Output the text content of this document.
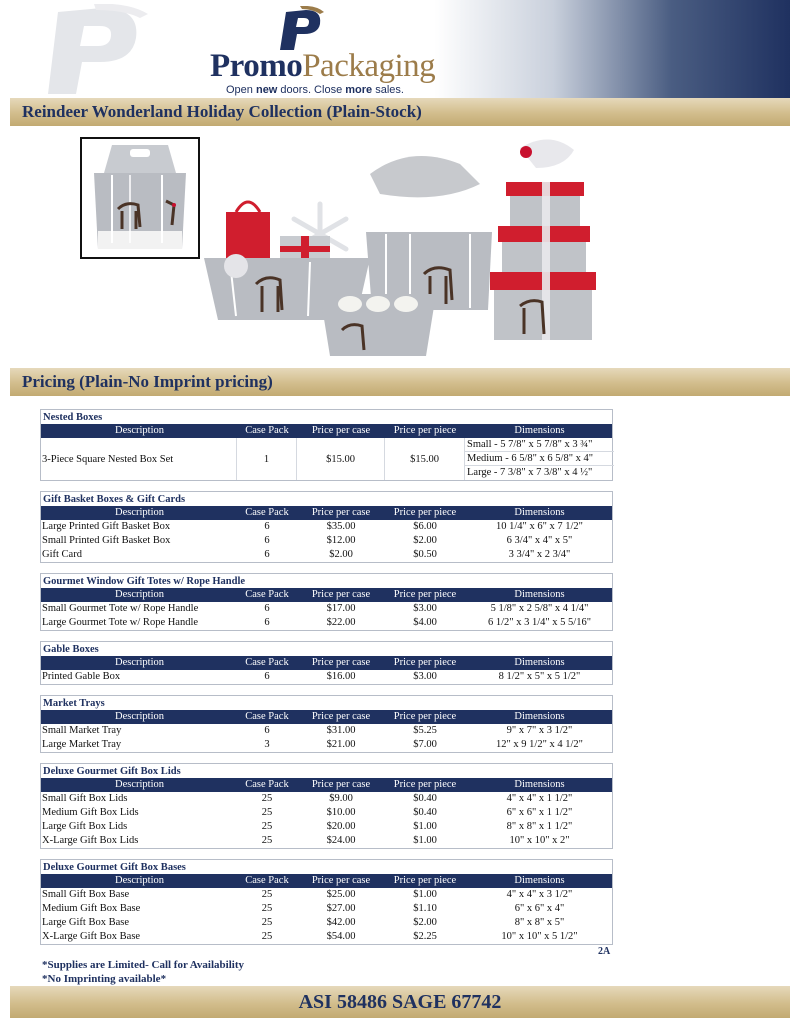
PromoPackaging
Open new doors. Close more sales.
Reindeer Wonderland Holiday Collection (Plain-Stock)
Pricing (Plain-No Imprint pricing)
Nested Boxes
Description	Case Pack	Price per case	Price per piece	Dimensions
3-Piece Square Nested Box Set	1	$15.00	$15.00
Small - 5 7/8" x 5 7/8" x 3 ¾"
Medium - 6 5/8" x 6 5/8" x 4"
Large - 7 3/8" x 7 3/8" x 4 ½"
Gift Basket Boxes & Gift Cards
Description	Case Pack	Price per case	Price per piece	Dimensions
Large Printed Gift Basket Box	6	$35.00	$6.00	10 1/4" x 6" x 7 1/2"
Small Printed Gift Basket Box	6	$12.00	$2.00	6 3/4" x 4" x 5"
Gift Card	6	$2.00	$0.50	3 3/4" x 2 3/4"
Gourmet Window Gift Totes w/ Rope Handle
Description	Case Pack	Price per case	Price per piece	Dimensions
Small Gourmet Tote w/ Rope Handle	6	$17.00	$3.00	5 1/8" x 2 5/8" x 4 1/4"
Large Gourmet Tote w/ Rope Handle	6	$22.00	$4.00	6 1/2" x 3 1/4" x 5 5/16"
Gable Boxes
Description	Case Pack	Price per case	Price per piece	Dimensions
Printed Gable Box	6	$16.00	$3.00	8 1/2" x 5" x 5 1/2"
Market Trays
Description	Case Pack	Price per case	Price per piece	Dimensions
Small Market Tray	6	$31.00	$5.25	9" x 7" x 3 1/2"
Large Market Tray	3	$21.00	$7.00	12" x 9 1/2" x 4 1/2"
Deluxe Gourmet Gift Box Lids
Description	Case Pack	Price per case	Price per piece	Dimensions
Small Gift Box Lids	25	$9.00	$0.40	4" x 4" x 1 1/2"
Medium Gift Box Lids	25	$10.00	$0.40	6" x 6" x 1 1/2"
Large Gift Box Lids	25	$20.00	$1.00	8" x 8" x 1 1/2"
X-Large Gift Box Lids	25	$24.00	$1.00	10" x 10" x 2"
Deluxe Gourmet Gift Box Bases
Description	Case Pack	Price per case	Price per piece	Dimensions
Small Gift Box Base	25	$25.00	$1.00	4" x 4" x 3 1/2"
Medium Gift Box Base	25	$27.00	$1.10	6" x 6" x 4"
Large Gift Box Base	25	$42.00	$2.00	8" x 8" x 5"
X-Large Gift Box Base	25	$54.00	$2.25	10" x 10" x 5 1/2"
2A
*Supplies are Limited- Call for Availability
*No Imprinting available*
ASI 58486 SAGE 67742
